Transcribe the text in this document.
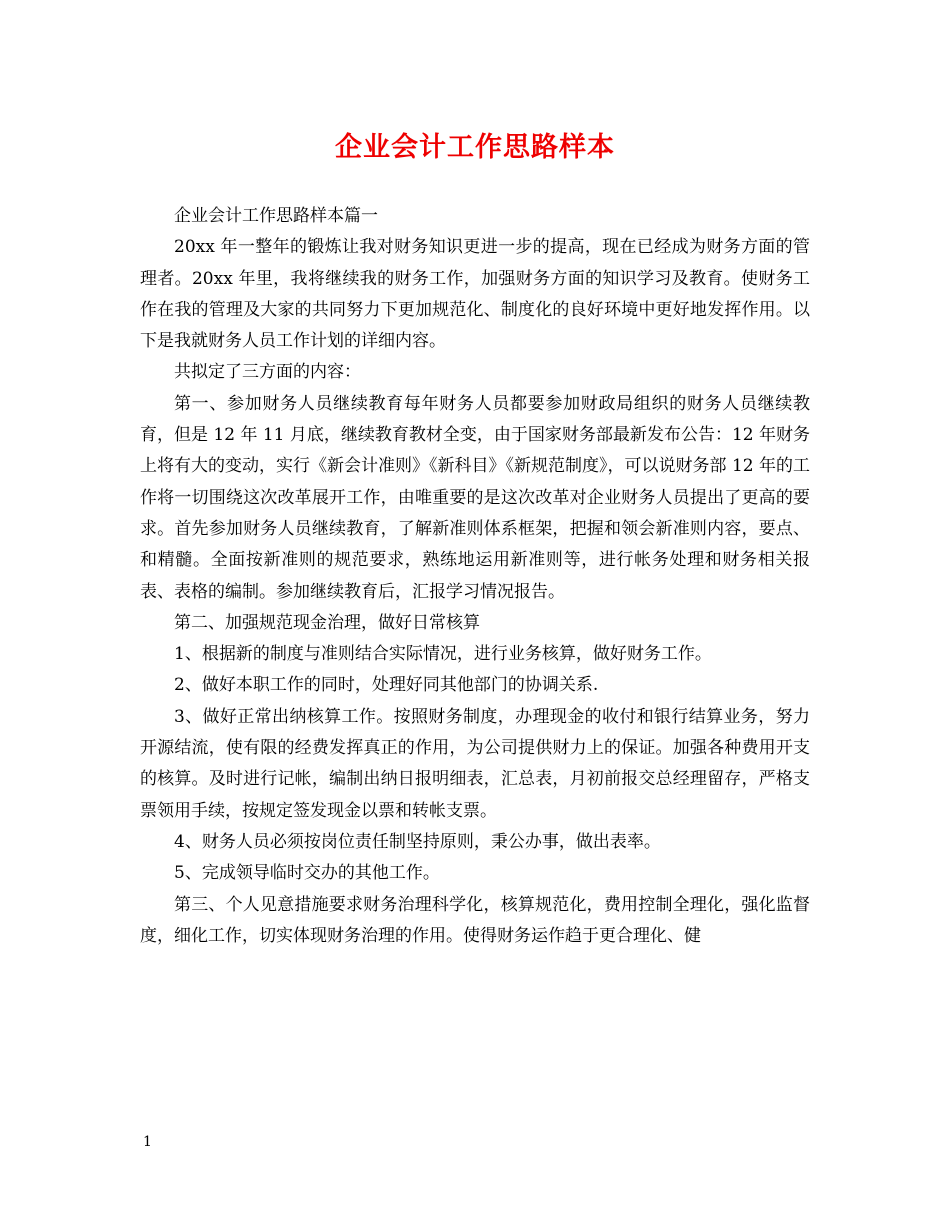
企业会计工作思路样本

企业会计工作思路样本篇一

20xx 年一整年的锻炼让我对财务知识更进一步的提高，现在已经成为财务方面的管理者。20xx 年里，我将继续我的财务工作，加强财务方面的知识学习及教育。使财务工作在我的管理及大家的共同努力下更加规范化、制度化的良好环境中更好地发挥作用。以下是我就财务人员工作计划的详细内容。

共拟定了三方面的内容：

第一、参加财务人员继续教育每年财务人员都要参加财政局组织的财务人员继续教育，但是 12 年 11 月底，继续教育教材全变，由于国家财务部最新发布公告：12 年财务上将有大的变动，实行《新会计准则》《新科目》《新规范制度》，可以说财务部 12 年的工作将一切围绕这次改革展开工作，由唯重要的是这次改革对企业财务人员提出了更高的要求。首先参加财务人员继续教育，了解新准则体系框架，把握和领会新准则内容，要点、和精髓。全面按新准则的规范要求，熟练地运用新准则等，进行帐务处理和财务相关报表、表格的编制。参加继续教育后，汇报学习情况报告。

第二、加强规范现金治理，做好日常核算

1、根据新的制度与准则结合实际情况，进行业务核算，做好财务工作。

2、做好本职工作的同时，处理好同其他部门的协调关系.

3、做好正常出纳核算工作。按照财务制度，办理现金的收付和银行结算业务，努力开源结流，使有限的经费发挥真正的作用，为公司提供财力上的保证。加强各种费用开支的核算。及时进行记帐，编制出纳日报明细表，汇总表，月初前报交总经理留存，严格支票领用手续，按规定签发现金以票和转帐支票。

4、财务人员必须按岗位责任制坚持原则，秉公办事，做出表率。

5、完成领导临时交办的其他工作。

第三、个人见意措施要求财务治理科学化，核算规范化，费用控制全理化，强化监督度，细化工作，切实体现财务治理的作用。使得财务运作趋于更合理化、健

1
